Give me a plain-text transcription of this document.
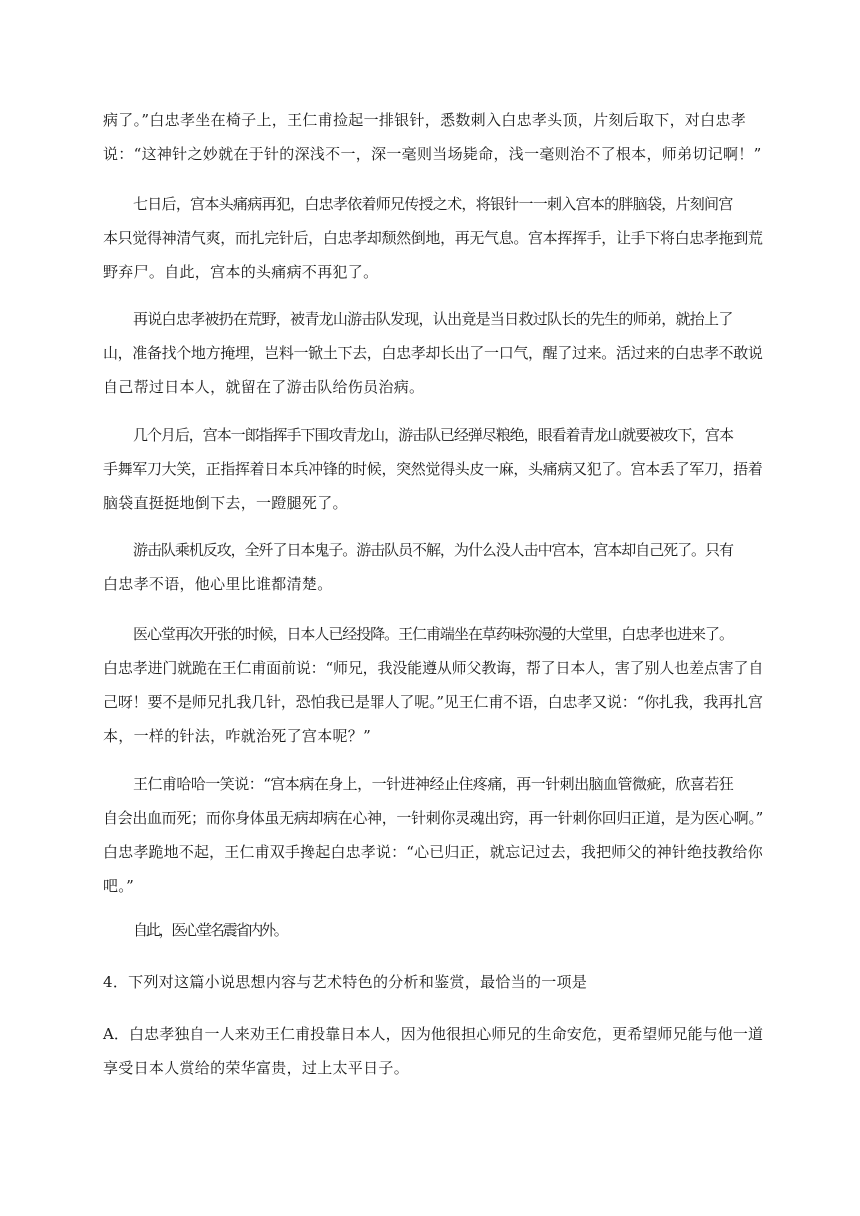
病了。”白忠孝坐在椅子上，王仁甫捡起一排银针，悉数刺入白忠孝头顶，片刻后取下，对白忠孝
说：“这神针之妙就在于针的深浅不一，深一毫则当场毙命，浅一毫则治不了根本，师弟切记啊！”
七日后，宫本头痛病再犯，白忠孝依着师兄传授之术，将银针一一刺入宫本的胖脑袋，片刻间宫
本只觉得神清气爽，而扎完针后，白忠孝却颓然倒地，再无气息。宫本挥挥手，让手下将白忠孝拖到荒
野弃尸。自此，宫本的头痛病不再犯了。
再说白忠孝被扔在荒野，被青龙山游击队发现，认出竟是当日救过队长的先生的师弟，就抬上了
山，准备找个地方掩埋，岂料一锨土下去，白忠孝却长出了一口气，醒了过来。活过来的白忠孝不敢说
自己帮过日本人，就留在了游击队给伤员治病。
几个月后，宫本一郎指挥手下围攻青龙山，游击队已经弹尽粮绝，眼看着青龙山就要被攻下，宫本
手舞军刀大笑，正指挥着日本兵冲锋的时候，突然觉得头皮一麻，头痛病又犯了。宫本丢了军刀，捂着
脑袋直挺挺地倒下去，一蹬腿死了。
游击队乘机反攻，全歼了日本鬼子。游击队员不解，为什么没人击中宫本，宫本却自己死了。只有
白忠孝不语，他心里比谁都清楚。
医心堂再次开张的时候，日本人已经投降。王仁甫端坐在草药味弥漫的大堂里，白忠孝也进来了。
白忠孝进门就跪在王仁甫面前说：“师兄，我没能遵从师父教诲，帮了日本人，害了别人也差点害了自
己呀！要不是师兄扎我几针，恐怕我已是罪人了呢。”见王仁甫不语，白忠孝又说：“你扎我，我再扎宫
本，一样的针法，咋就治死了宫本呢？”
王仁甫哈哈一笑说：“宫本病在身上，一针进神经止住疼痛，再一针刺出脑血管微疵，欣喜若狂
自会出血而死；而你身体虽无病却病在心神，一针刺你灵魂出窍，再一针刺你回归正道，是为医心啊。”
白忠孝跪地不起，王仁甫双手搀起白忠孝说：“心已归正，就忘记过去，我把师父的神针绝技教给你
吧。”
自此，医心堂名震省内外。
4．下列对这篇小说思想内容与艺术特色的分析和鉴赏，最恰当的一项是
A．白忠孝独自一人来劝王仁甫投靠日本人，因为他很担心师兄的生命安危，更希望师兄能与他一道
享受日本人赏给的荣华富贵，过上太平日子。
